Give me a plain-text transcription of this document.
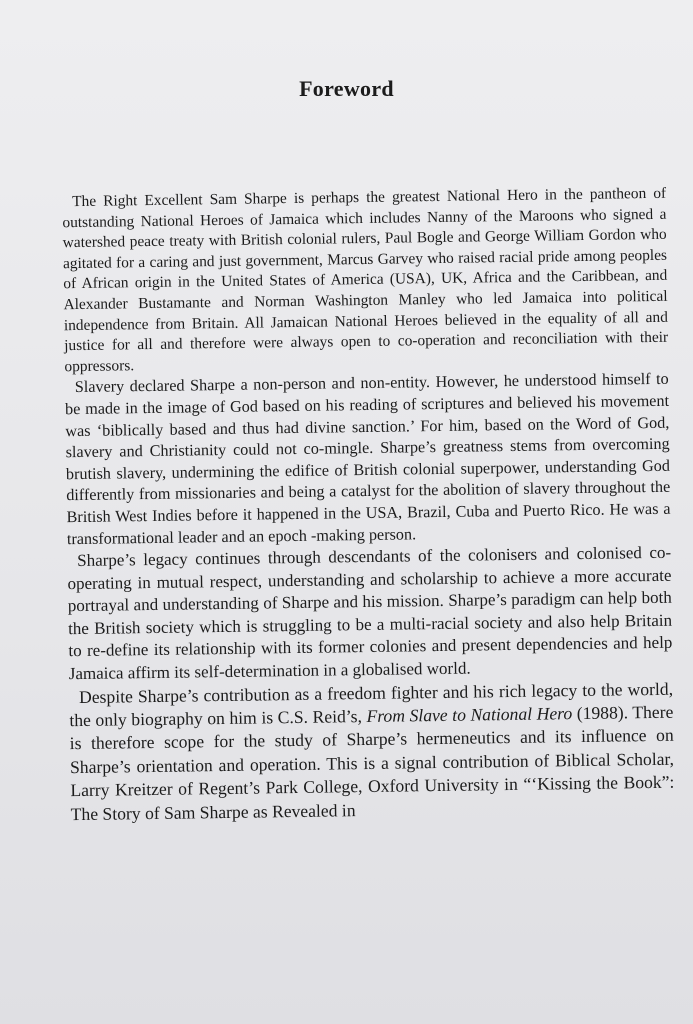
Foreword

The Right Excellent Sam Sharpe is perhaps the greatest National Hero in the pantheon of outstanding National Heroes of Jamaica which includes Nanny of the Maroons who signed a watershed peace treaty with British colonial rulers, Paul Bogle and George William Gordon who agitated for a caring and just government, Marcus Garvey who raised racial pride among peoples of African origin in the United States of America (USA), UK, Africa and the Caribbean, and Alexander Bustamante and Norman Washington Manley who led Jamaica into political independence from Britain. All Jamaican National Heroes believed in the equality of all and justice for all and therefore were always open to co-operation and reconciliation with their oppressors.

Slavery declared Sharpe a non-person and non-entity. However, he understood himself to be made in the image of God based on his reading of scriptures and believed his movement was ‘biblically based and thus had divine sanction.’ For him, based on the Word of God, slavery and Christianity could not co-mingle. Sharpe’s greatness stems from overcoming brutish slavery, undermining the edifice of British colonial superpower, understanding God differently from missionaries and being a catalyst for the abolition of slavery throughout the British West Indies before it happened in the USA, Brazil, Cuba and Puerto Rico. He was a transformational leader and an epoch -making person.

Sharpe’s legacy continues through descendants of the colonisers and colonised co-operating in mutual respect, understanding and scholarship to achieve a more accurate portrayal and understanding of Sharpe and his mission. Sharpe’s paradigm can help both the British society which is struggling to be a multi-racial society and also help Britain to re-define its relationship with its former colonies and present dependencies and help Jamaica affirm its self-determination in a globalised world.

Despite Sharpe’s contribution as a freedom fighter and his rich legacy to the world, the only biography on him is C.S. Reid’s, From Slave to National Hero (1988). There is therefore scope for the study of Sharpe’s hermeneutics and its influence on Sharpe’s orientation and operation. This is a signal contribution of Biblical Scholar, Larry Kreitzer of Regent’s Park College, Oxford University in “‘Kissing the Book”: The Story of Sam Sharpe as Revealed in
